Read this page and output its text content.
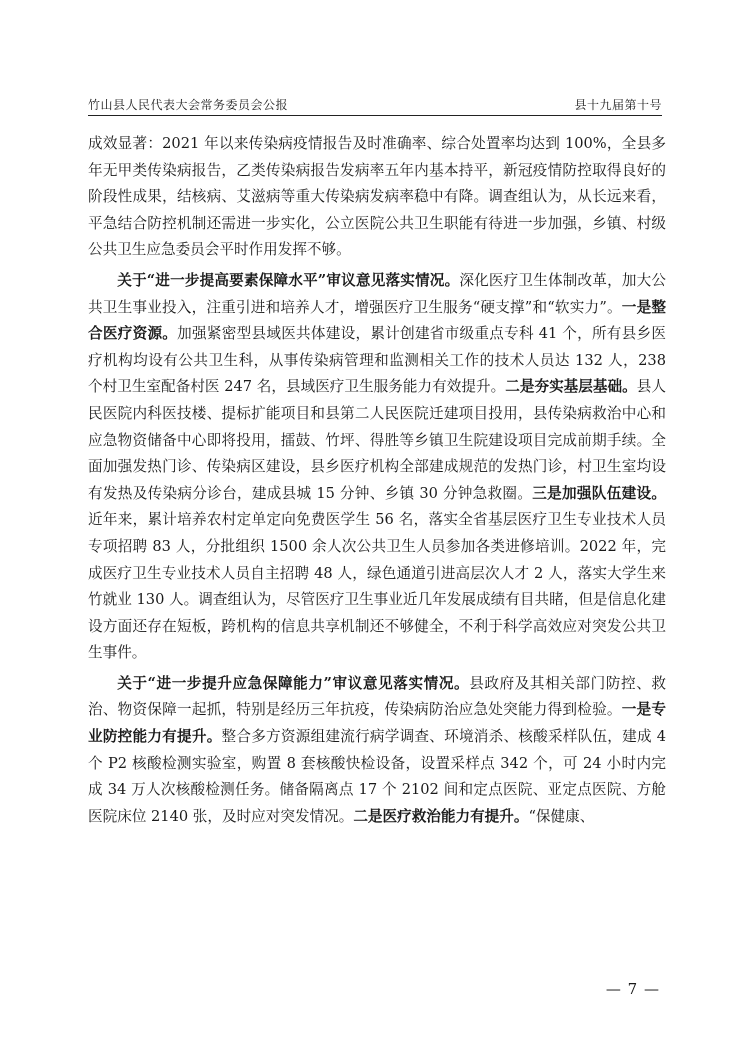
竹山县人民代表大会常务委员会公报	县十九届第十号

成效显著：2021 年以来传染病疫情报告及时准确率、综合处置率均达到 100%，全县多年无甲类传染病报告，乙类传染病报告发病率五年内基本持平，新冠疫情防控取得良好的阶段性成果，结核病、艾滋病等重大传染病发病率稳中有降。调查组认为，从长远来看，平急结合防控机制还需进一步实化，公立医院公共卫生职能有待进一步加强，乡镇、村级公共卫生应急委员会平时作用发挥不够。

关于“进一步提高要素保障水平”审议意见落实情况。深化医疗卫生体制改革，加大公共卫生事业投入，注重引进和培养人才，增强医疗卫生服务“硬支撑”和“软实力”。一是整合医疗资源。加强紧密型县域医共体建设，累计创建省市级重点专科 41 个，所有县乡医疗机构均设有公共卫生科，从事传染病管理和监测相关工作的技术人员达 132 人，238 个村卫生室配备村医 247 名，县域医疗卫生服务能力有效提升。二是夯实基层基础。县人民医院内科医技楼、提标扩能项目和县第二人民医院迁建项目投用，县传染病救治中心和应急物资储备中心即将投用，擂鼓、竹坪、得胜等乡镇卫生院建设项目完成前期手续。全面加强发热门诊、传染病区建设，县乡医疗机构全部建成规范的发热门诊，村卫生室均设有发热及传染病分诊台，建成县城 15 分钟、乡镇 30 分钟急救圈。三是加强队伍建设。近年来，累计培养农村定单定向免费医学生 56 名，落实全省基层医疗卫生专业技术人员专项招聘 83 人，分批组织 1500 余人次公共卫生人员参加各类进修培训。2022 年，完成医疗卫生专业技术人员自主招聘 48 人，绿色通道引进高层次人才 2 人，落实大学生来竹就业 130 人。调查组认为，尽管医疗卫生事业近几年发展成绩有目共睹，但是信息化建设方面还存在短板，跨机构的信息共享机制还不够健全，不利于科学高效应对突发公共卫生事件。

关于“进一步提升应急保障能力”审议意见落实情况。县政府及其相关部门防控、救治、物资保障一起抓，特别是经历三年抗疫，传染病防治应急处突能力得到检验。一是专业防控能力有提升。整合多方资源组建流行病学调查、环境消杀、核酸采样队伍，建成 4 个 P2 核酸检测实验室，购置 8 套核酸快检设备，设置采样点 342 个，可 24 小时内完成 34 万人次核酸检测任务。储备隔离点 17 个 2102 间和定点医院、亚定点医院、方舱医院床位 2140 张，及时应对突发情况。二是医疗救治能力有提升。“保健康、

— 7 —
